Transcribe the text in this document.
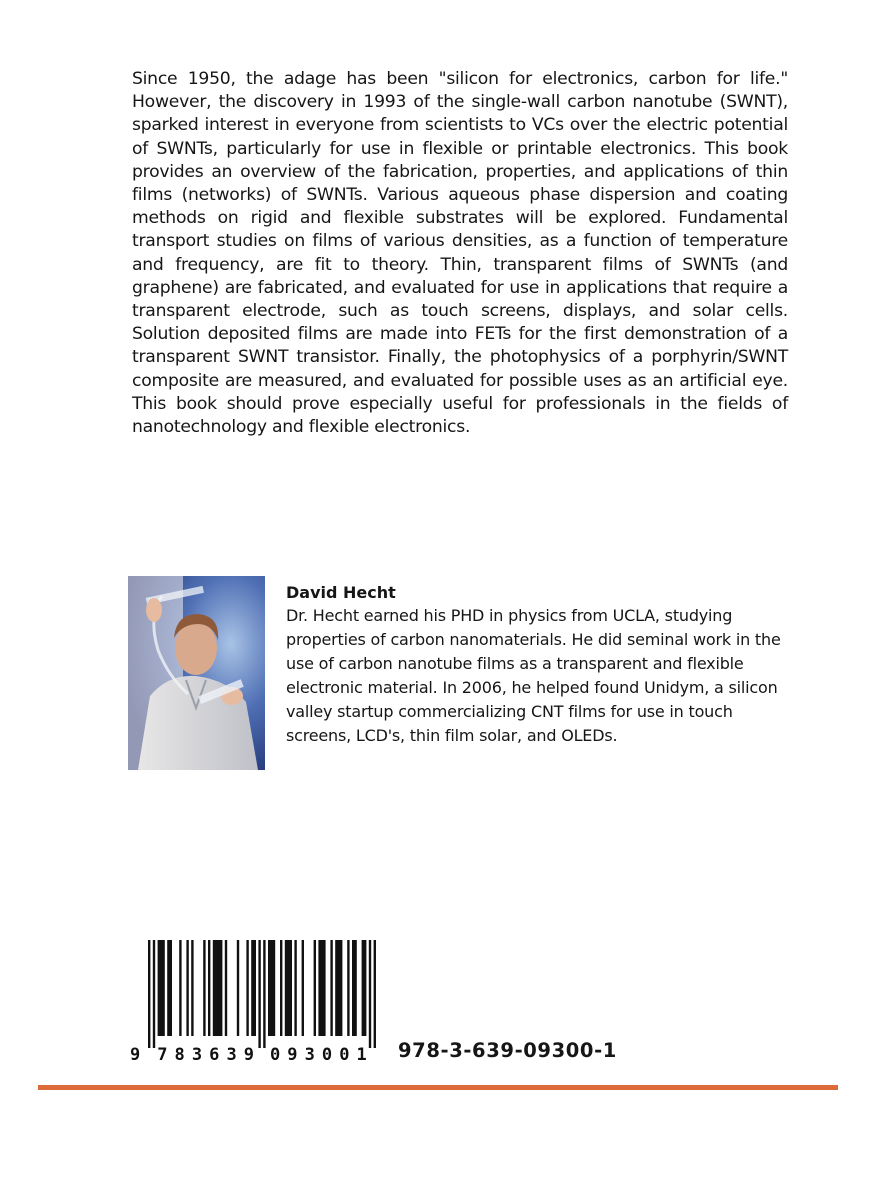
Since 1950, the adage has been "silicon for electronics, carbon for life." However, the discovery in 1993 of the single-wall carbon nanotube (SWNT), sparked interest in everyone from scientists to VCs over the electric potential of SWNTs, particularly for use in flexible or printable electronics. This book provides an overview of the fabrication, properties, and applications of thin films (networks) of SWNTs. Various aqueous phase dispersion and coating methods on rigid and flexible substrates will be explored. Fundamental transport studies on films of various densities, as a function of temperature and frequency, are fit to theory. Thin, transparent films of SWNTs (and graphene) are fabricated, and evaluated for use in applications that require a transparent electrode, such as touch screens, displays, and solar cells. Solution deposited films are made into FETs for the first demonstration of a transparent SWNT transistor. Finally, the photophysics of a porphyrin/SWNT composite are measured, and evaluated for possible uses as an artificial eye. This book should prove especially useful for professionals in the fields of nanotechnology and flexible electronics.

David Hecht

Dr. Hecht earned his PHD in physics from UCLA, studying properties of carbon nanomaterials. He did seminal work in the use of carbon nanotube films as a transparent and flexible electronic material. In 2006, he helped found Unidym, a silicon valley startup commercializing CNT films for use in touch screens, LCD's, thin film solar, and OLEDs.

9 783639 093001 978-3-639-09300-1
